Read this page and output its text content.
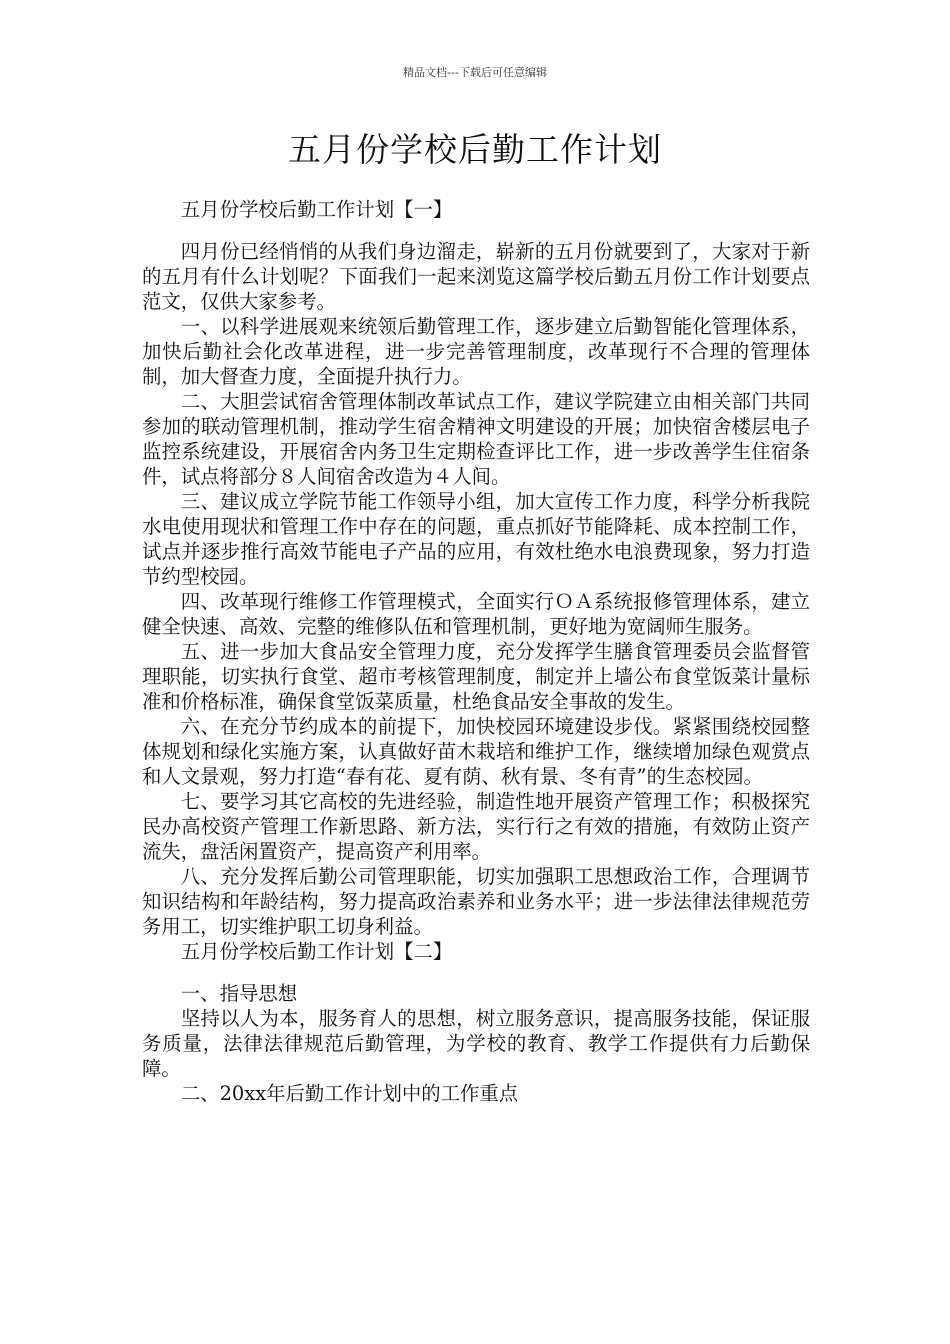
精品文档---下载后可任意编辑
五月份学校后勤工作计划

五月份学校后勤工作计划【一】

四月份已经悄悄的从我们身边溜走，崭新的五月份就要到了，大家对于新的五月有什么计划呢？下面我们一起来浏览这篇学校后勤五月份工作计划要点范文，仅供大家参考。

一、以科学进展观来统领后勤管理工作，逐步建立后勤智能化管理体系，加快后勤社会化改革进程，进一步完善管理制度，改革现行不合理的管理体制，加大督查力度，全面提升执行力。

二、大胆尝试宿舍管理体制改革试点工作，建议学院建立由相关部门共同参加的联动管理机制，推动学生宿舍精神文明建设的开展；加快宿舍楼层电子监控系统建设，开展宿舍内务卫生定期检查评比工作，进一步改善学生住宿条件，试点将部分８人间宿舍改造为４人间。

三、建议成立学院节能工作领导小组，加大宣传工作力度，科学分析我院水电使用现状和管理工作中存在的问题，重点抓好节能降耗、成本控制工作，试点并逐步推行高效节能电子产品的应用，有效杜绝水电浪费现象，努力打造节约型校园。

四、改革现行维修工作管理模式，全面实行ＯＡ系统报修管理体系，建立健全快速、高效、完整的维修队伍和管理机制，更好地为宽阔师生服务。

五、进一步加大食品安全管理力度，充分发挥学生膳食管理委员会监督管理职能，切实执行食堂、超市考核管理制度，制定并上墙公布食堂饭菜计量标准和价格标准，确保食堂饭菜质量，杜绝食品安全事故的发生。

六、在充分节约成本的前提下，加快校园环境建设步伐。紧紧围绕校园整体规划和绿化实施方案，认真做好苗木栽培和维护工作，继续增加绿色观赏点和人文景观，努力打造“春有花、夏有荫、秋有景、冬有青”的生态校园。

七、要学习其它高校的先进经验，制造性地开展资产管理工作；积极探究民办高校资产管理工作新思路、新方法，实行行之有效的措施，有效防止资产流失，盘活闲置资产，提高资产利用率。

八、充分发挥后勤公司管理职能，切实加强职工思想政治工作，合理调节知识结构和年龄结构，努力提高政治素养和业务水平；进一步法律法律规范劳务用工，切实维护职工切身利益。

五月份学校后勤工作计划【二】

一、指导思想

坚持以人为本，服务育人的思想，树立服务意识，提高服务技能，保证服务质量，法律法律规范后勤管理，为学校的教育、教学工作提供有力后勤保障。

二、20xx年后勤工作计划中的工作重点
